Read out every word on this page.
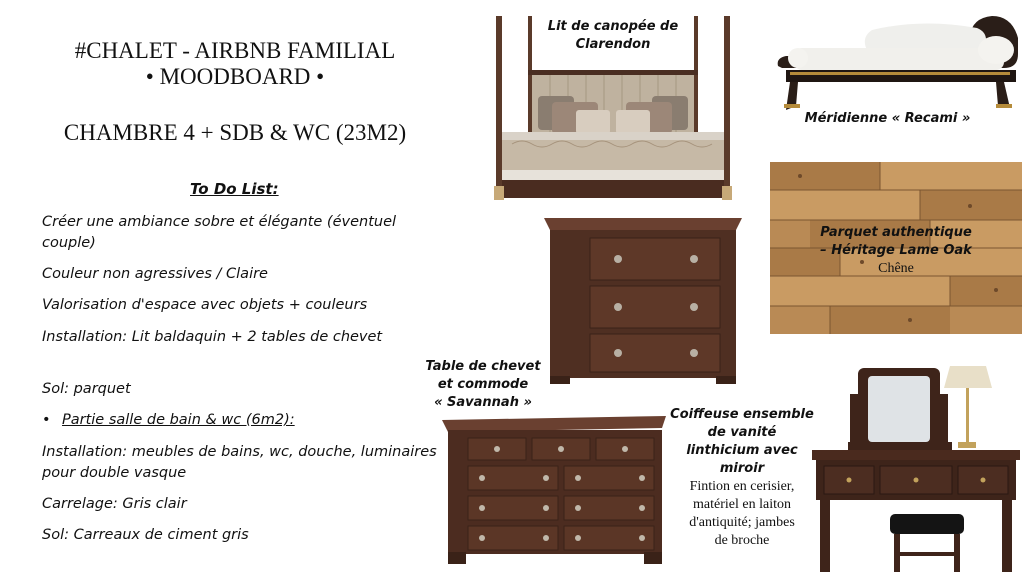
#CHALET - AIRBNB FAMILIAL
• MOODBOARD •
CHAMBRE 4 + SDB & WC (23M2)
To Do List:
Créer une ambiance sobre et élégante (éventuel couple)
Couleur non agressives / Claire
Valorisation d'espace avec objets + couleurs
Installation: Lit baldaquin + 2 tables de chevet
Sol: parquet
• Partie salle de bain & wc (6m2):
Installation: meubles de bains, wc, douche, luminaires pour double vasque
Carrelage: Gris clair
Sol: Carreaux de ciment gris
Lit de canopée de
Clarendon
Méridienne « Recami »
Parquet authentique
– Héritage Lame Oak
Chêne
Table de chevet
et commode
« Savannah »
Coiffeuse ensemble
de vanité
linthicium avec
miroir
Fintion en cerisier,
matériel en laiton
d'antiquité; jambes
de broche
